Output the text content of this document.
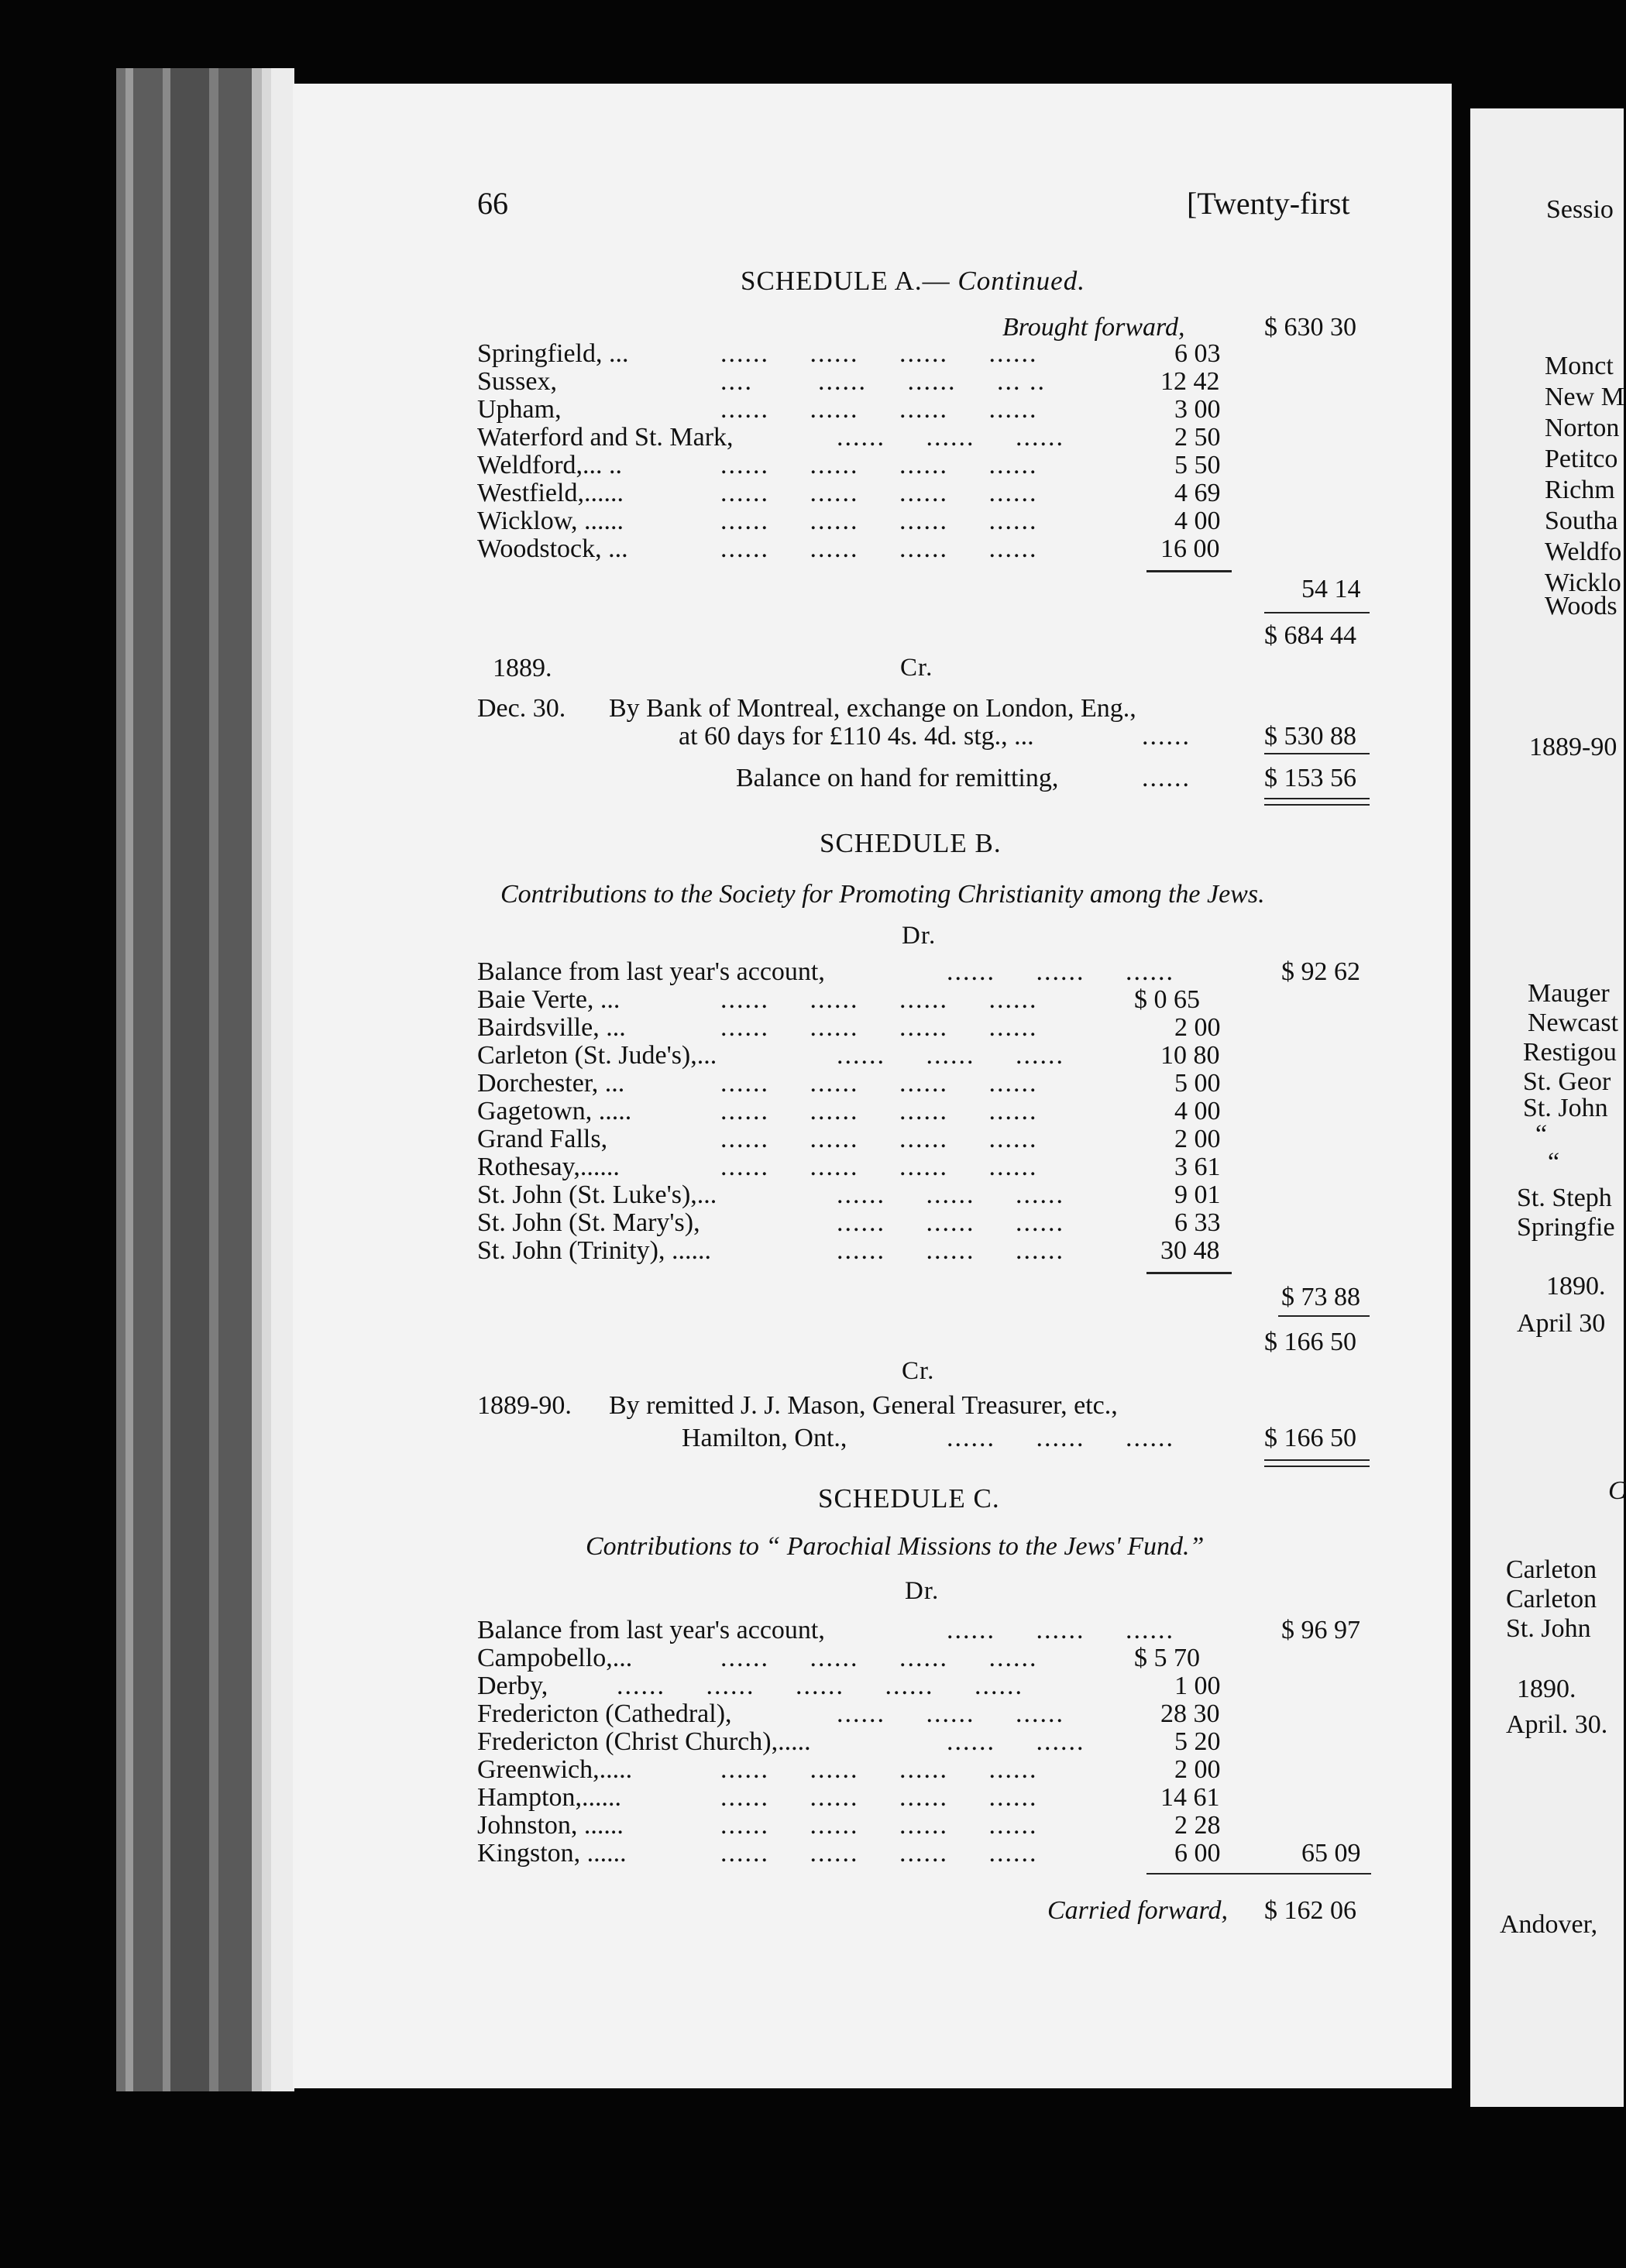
66	[Twenty-first
SCHEDULE A.— Continued.
Brought forward,	$ 630 30
Springfield, ...	......     ......     ......     ......	6 03
Sussex,	....        ......     ......     ... ..	12 42
Upham,	......     ......     ......     ......	3 00
Waterford and St. Mark,	......     ......     ......	2 50
Weldford,... ..	......     ......     ......     ......	5 50
Westfield,......	......     ......     ......     ......	4 69
Wicklow, ......	......     ......     ......     ......	4 00
Woodstock, ...	......     ......     ......     ......	16 00
54 14
$ 684 44
1889.	Cr.
Dec. 30. By Bank of Montreal, exchange on London, Eng.,
at 60 days for £110 4s. 4d. stg., ...	......	$ 530 88
Balance on hand for remitting,	......	$ 153 56
SCHEDULE B.
Contributions to the Society for Promoting Christianity among the Jews.
Dr.
Balance from last year's account,	......     ......     ......	$ 92 62
Baie Verte, ...	......     ......     ......     ......	$ 0 65
Bairdsville, ...	......     ......     ......     ......	2 00
Carleton (St. Jude's),...	......     ......     ......	10 80
Dorchester, ...	......     ......     ......     ......	5 00
Gagetown, .....	......     ......     ......     ......	4 00
Grand Falls,	......     ......     ......     ......	2 00
Rothesay,......	......     ......     ......     ......	3 61
St. John (St. Luke's),...	......     ......     ......	9 01
St. John (St. Mary's),	......     ......     ......	6 33
St. John (Trinity), ......	......     ......     ......	30 48
$ 73 88
$ 166 50
Cr.
1889-90. By remitted J. J. Mason, General Treasurer, etc.,
Hamilton, Ont.,	......     ......     ......	$ 166 50
SCHEDULE C.
Contributions to “ Parochial Missions to the Jews' Fund.”
Dr.
Balance from last year's account,	......     ......     ......	$ 96 97
Campobello,...	......     ......     ......     ......	$ 5 70
Derby,	......     ......     ......     ......     ......	1 00
Fredericton (Cathedral),	......     ......     ......	28 30
Fredericton (Christ Church),.....	......     ......	5 20
Greenwich,.....	......     ......     ......     ......	2 00
Hampton,......	......     ......     ......     ......	14 61
Johnston, ......	......     ......     ......     ......	2 28
Kingston, ......	......     ......     ......     ......	6 00	65 09
Carried forward, $ 162 06
Sessio
Monct
New M
Norton
Petitco
Richm
Southa
Weldfo
Wicklo
Woods
1889-90
Mauger
Newcast
Restigou
St. Geor
St. John
“
“
St. Steph
Springfie
1890.
April 30
C
Carleton
Carleton
St. John
1890.
April. 30.
Andover,
